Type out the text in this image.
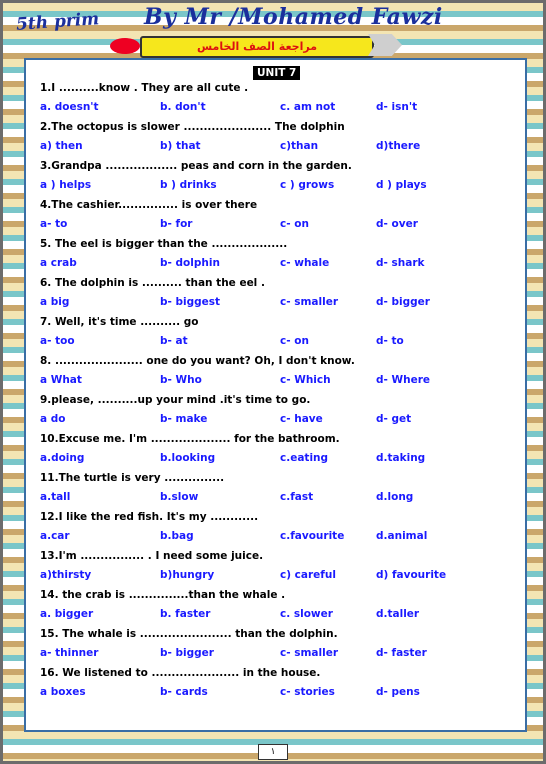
5th prim By Mr /Mohamed Fawzi
مراجعة الصف الخامس
UNIT 7
1.I ..........know . They are all cute .
a. doesn't	b. don't	c. am not	d- isn't
2.The octopus is slower ...................... The dolphin
a) then	b) that	c)than	d)there
3.Grandpa .................. peas and corn in the garden.
a ) helps	b ) drinks	c ) grows	d ) plays
4.The cashier............... is over there
a- to	b- for	c- on	d- over
5. The eel is bigger than the ...................
a crab	b- dolphin	c- whale	d- shark
6. The dolphin is .......... than the eel .
a big	b- biggest	c- smaller	d- bigger
7. Well, it's time .......... go
a- too	b- at	c- on	d- to
8. ...................... one do you want? Oh, I don't know.
a What	b- Who	c- Which	d- Where
9.please, ..........up your mind .it's time to go.
a do	b- make	c- have	d- get
10.Excuse me. I'm .................... for the bathroom.
a.doing	b.looking	c.eating	d.taking
11.The turtle is very ...............
a.tall	b.slow	c.fast	d.long
12.I like the red fish. It's my ............
a.car	b.bag	c.favourite	d.animal
13.I'm ................ . I need some juice.
a)thirsty	b)hungry	c) careful	d) favourite
14. the crab is ...............than the whale .
a. bigger	b. faster	c. slower	d.taller
15. The whale is ....................... than the dolphin.
a- thinner	b- bigger	c- smaller	d- faster
16. We listened to ...................... in the house.
a boxes	b- cards	c- stories	d- pens
١
